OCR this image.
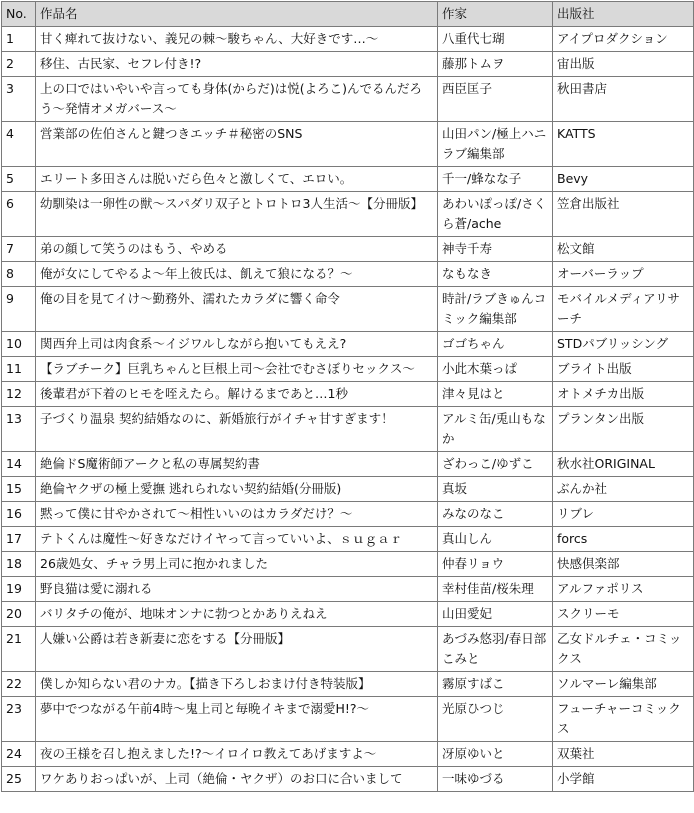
No.	作品名	作家	出版社
1	甘く痺れて抜けない、義兄の棘～駿ちゃん、大好きです…～	八重代七瑚	アイプロダクション
2	移住、古民家、セフレ付き!?	藤那トムヲ	宙出版
3	上の口ではいやいや言っても身体(からだ)は悦(よろこ)んでるんだろう～発情オメガバース～	西臣匡子	秋田書店
4	営業部の佐伯さんと鍵つきエッチ＃秘密のSNS	山田パン/極上ハニラブ編集部	KATTS
5	エリート多田さんは脱いだら色々と激しくて、エロい。	千一/蜂なな子	Bevy
6	幼馴染は一卵性の獣～スパダリ双子とトロトロ3人生活～【分冊版】	あわいぽっぽ/さくら蒼/ache	笠倉出版社
7	弟の顔して笑うのはもう、やめる	神寺千寿	松文館
8	俺が女にしてやるよ～年上彼氏は、飢えて狼になる？～	なもなき	オーバーラップ
9	俺の目を見てイけ～勤務外、濡れたカラダに響く命令	時計/ラブきゅんコミック編集部	モバイルメディアリサーチ
10	関西弁上司は肉食系～イジワルしながら抱いてもええ?	ゴゴちゃん	STDパブリッシング
11	【ラブチーク】巨乳ちゃんと巨根上司～会社でむさぼりセックス～	小此木葉っぱ	ブライト出版
12	後輩君が下着のヒモを咥えたら。解けるまであと…1秒	津々見はと	オトメチカ出版
13	子づくり温泉 契約結婚なのに、新婚旅行がイチャ甘すぎます！	アルミ缶/兎山もなか	プランタン出版
14	絶倫ドS魔術師アークと私の専属契約書	ざわっこ/ゆずこ	秋水社ORIGINAL
15	絶倫ヤクザの極上愛撫 逃れられない契約結婚(分冊版)	真坂	ぶんか社
16	黙って僕に甘やかされて～相性いいのはカラダだけ？～	みなのなこ	リブレ
17	テトくんは魔性～好きなだけイヤって言っていいよ、ｓｕｇａｒ	真山しん	forcs
18	26歳処女、チャラ男上司に抱かれました	仲春リョウ	快感倶楽部
19	野良猫は愛に溺れる	幸村佳苗/桜朱理	アルファポリス
20	バリタチの俺が、地味オンナに勃つとかありえねえ	山田愛妃	スクリーモ
21	人嫌い公爵は若き新妻に恋をする【分冊版】	あづみ悠羽/春日部こみと	乙女ドルチェ・コミックス
22	僕しか知らない君のナカ。【描き下ろしおまけ付き特装版】	霧原すばこ	ソルマーレ編集部
23	夢中でつながる午前4時～鬼上司と毎晩イキまで溺愛H!?～	光原ひつじ	フューチャーコミックス
24	夜の王様を召し抱えました!?～イロイロ教えてあげますよ～	冴原ゆいと	双葉社
25	ワケありおっぱいが、上司（絶倫・ヤクザ）のお口に合いまして	一味ゆづる	小学館
